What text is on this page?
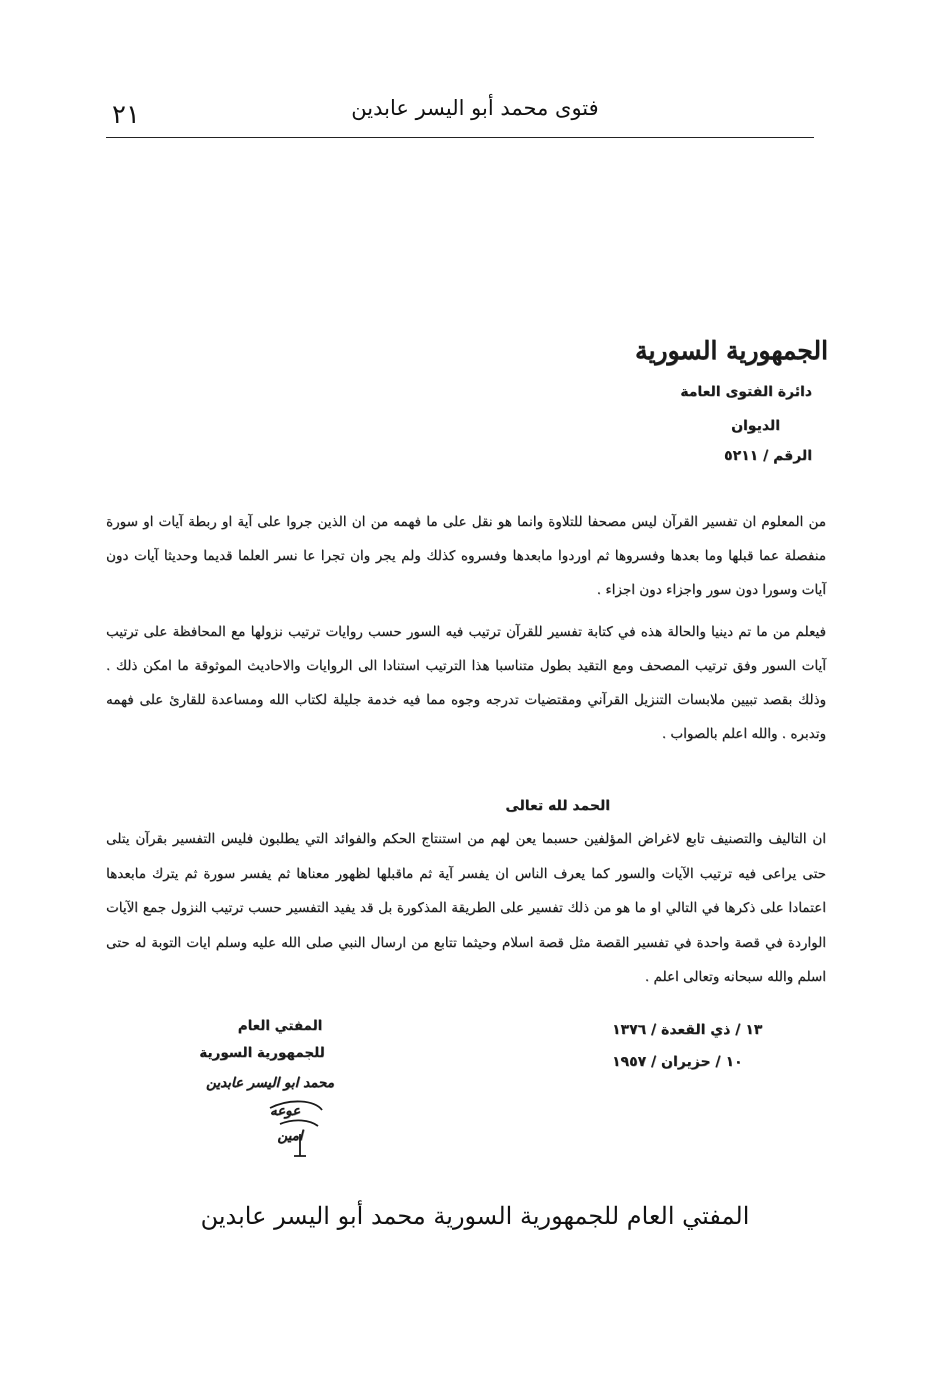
٢١	فتوى محمد أبو اليسر عابدين
الجمهورية السورية
دائرة الفتوى العامة
الديوان
الرقم / ٥٢١١
من المعلوم ان تفسير القرآن ليس مصحفا للتلاوة وانما هو نقل على ما فهمه من ان الذين جروا على آية او ربطة آيات او سورة منفصلة عما قبلها وما بعدها وفسروها ثم اوردوا مابعدها وفسروه كذلك ولم يجر وان تجرا عا نسر العلما قديما وحديثا آيات دون آيات وسورا دون سور واجزاء دون اجزاء .
فيعلم من ما تم دينيا والحالة هذه في كتابة تفسير للقرآن ترتيب فيه السور حسب روايات ترتيب نزولها مع المحافظة على ترتيب آيات السور وفق ترتيب المصحف ومع التقيد بطول متناسبا هذا الترتيب استنادا الى الروايات والاحاديث الموثوقة ما امكن ذلك . وذلك بقصد تبيين ملابسات التنزيل القرآني ومقتضيات تدرجه وجوه مما فيه خدمة جليلة لكتاب الله ومساعدة للقارئ على فهمه وتدبره . والله اعلم بالصواب .
الحمد لله تعالى
ان التاليف والتصنيف تابع لاغراض المؤلفين حسبما يعن لهم من استنتاج الحكم والفوائد التي يطلبون فليس التفسير بقرآن يتلى حتى يراعى فيه ترتيب الآيات والسور كما يعرف الناس ان يفسر آية ثم ماقبلها لظهور معناها ثم يفسر سورة ثم يترك مابعدها اعتمادا على ذكرها في التالي او ما هو من ذلك تفسير على الطريقة المذكورة بل قد يفيد التفسير حسب ترتيب النزول جمع الآيات الواردة في قصة واحدة في تفسير القصة مثل قصة اسلام وحيثما تتابع من ارسال النبي صلى الله عليه وسلم ايات التوبة له حتى اسلم والله سبحانه وتعالى اعلم .
١٣ / ذي القعدة / ١٣٧٦
١٠ / حزيران / ١٩٥٧
المفتي العام
للجمهورية السورية
محمد ابو اليسر عابدين
عوعه
امين
المفتي العام للجمهورية السورية محمد أبو اليسر عابدين
